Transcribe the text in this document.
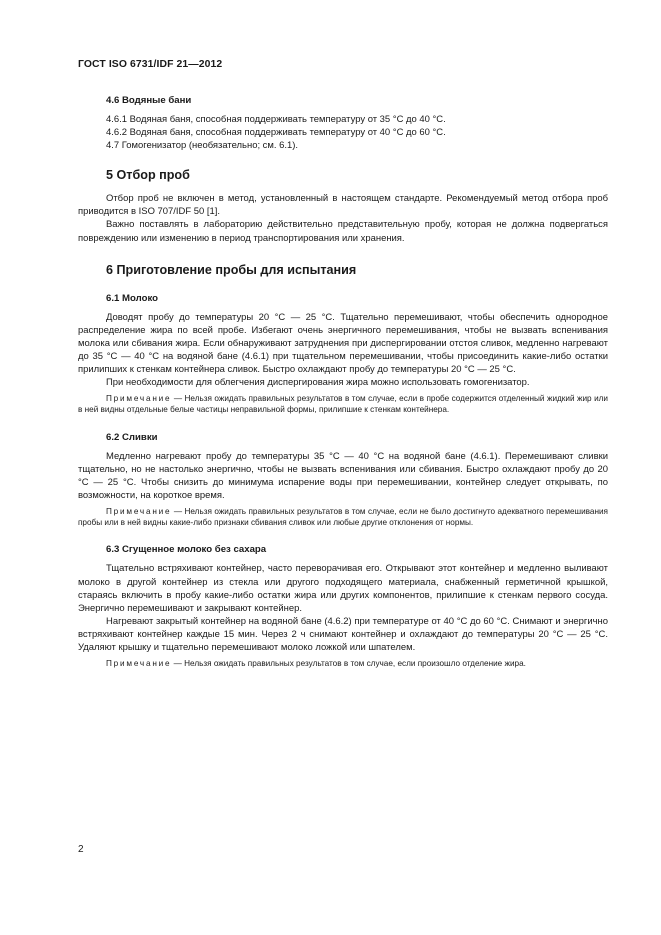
ГОСТ ISO 6731/IDF 21—2012
4.6 Водяные бани

4.6.1 Водяная баня, способная поддерживать температуру от 35 °C до 40 °C.

4.6.2 Водяная баня, способная поддерживать температуру от 40 °C до 60 °C.

4.7 Гомогенизатор (необязательно; см. 6.1).

5 Отбор проб

Отбор проб не включен в метод, установленный в настоящем стандарте. Рекомендуемый метод отбора проб приводится в ISO 707/IDF 50 [1].

Важно поставлять в лабораторию действительно представительную пробу, которая не должна подвергаться повреждению или изменению в период транспортирования или хранения.

6 Приготовление пробы для испытания
6.1 Молоко

Доводят пробу до температуры 20 °C — 25 °C. Тщательно перемешивают, чтобы обеспечить однородное распределение жира по всей пробе. Избегают очень энергичного перемешивания, чтобы не вызвать вспенивания молока или сбивания жира. Если обнаруживают затруднения при диспергировании отстоя сливок, медленно нагревают до 35 °C — 40 °C на водяной бане (4.6.1) при тщательном перемешивании, чтобы присоединить какие-либо остатки прилипших к стенкам контейнера сливок. Быстро охлаждают пробу до температуры 20 °C — 25 °C.

При необходимости для облегчения диспергирования жира можно использовать гомогенизатор.

Примечание — Нельзя ожидать правильных результатов в том случае, если в пробе содержится отделенный жидкий жир или в ней видны отдельные белые частицы неправильной формы, прилипшие к стенкам контейнера.

6.2 Сливки

Медленно нагревают пробу до температуры 35 °C — 40 °C на водяной бане (4.6.1). Перемешивают сливки тщательно, но не настолько энергично, чтобы не вызвать вспенивания или сбивания. Быстро охлаждают пробу до 20 °C — 25 °C. Чтобы снизить до минимума испарение воды при перемешивании, контейнер следует открывать, по возможности, на короткое время.

Примечание — Нельзя ожидать правильных результатов в том случае, если не было достигнуто адекватного перемешивания пробы или в ней видны какие-либо признаки сбивания сливок или любые другие отклонения от нормы.

6.3 Сгущенное молоко без сахара

Тщательно встряхивают контейнер, часто переворачивая его. Открывают этот контейнер и медленно выливают молоко в другой контейнер из стекла или другого подходящего материала, снабженный герметичной крышкой, стараясь включить в пробу какие-либо остатки жира или других компонентов, прилипшие к стенкам первого сосуда. Энергично перемешивают и закрывают контейнер.

Нагревают закрытый контейнер на водяной бане (4.6.2) при температуре от 40 °C до 60 °C. Снимают и энергично встряхивают контейнер каждые 15 мин. Через 2 ч снимают контейнер и охлаждают до температуры 20 °C — 25 °C. Удаляют крышку и тщательно перемешивают молоко ложкой или шпателем.

Примечание — Нельзя ожидать правильных результатов в том случае, если произошло отделение жира.

2
